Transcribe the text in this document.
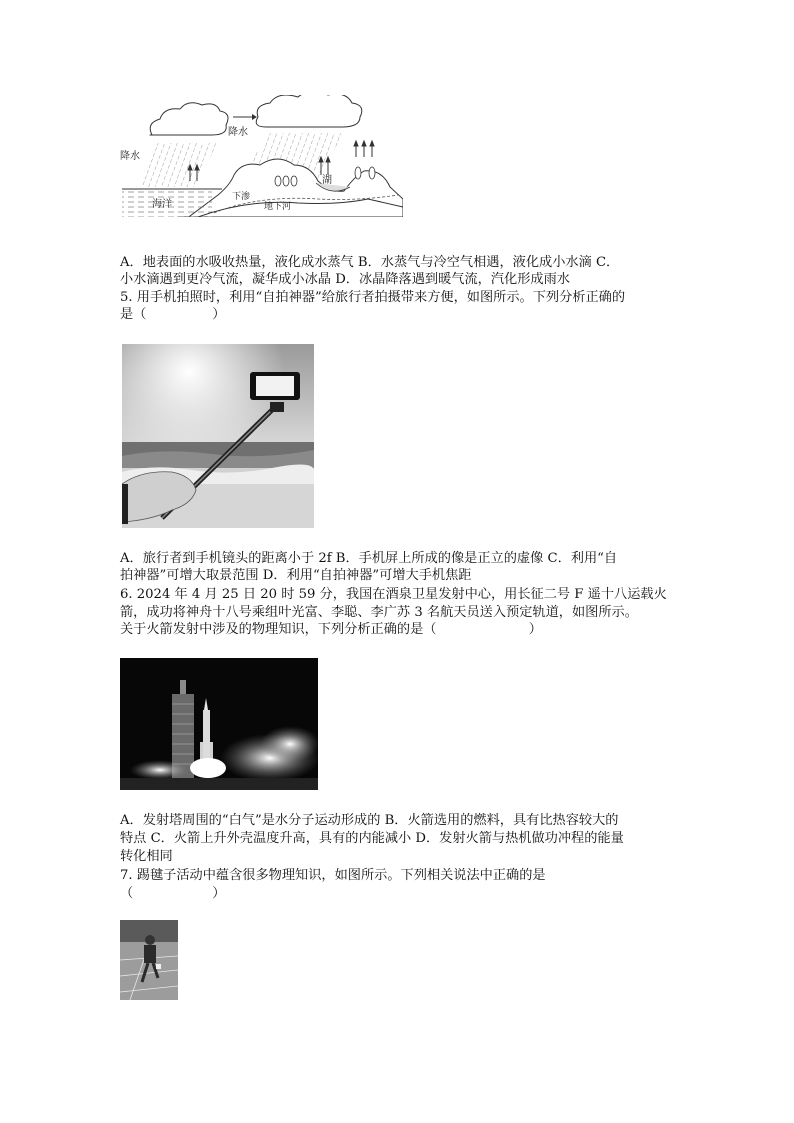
降水
降水
海洋
下渗
地下河
湖
A．地表面的水吸收热量，液化成水蒸气 B．水蒸气与冷空气相遇，液化成小水滴 C．
小水滴遇到更冷气流，凝华成小冰晶 D．冰晶降落遇到暖气流，汽化形成雨水
5. 用手机拍照时，利用“自拍神器”给旅行者拍摄带来方便，如图所示。下列分析正确的
是（　　　　　）
A．旅行者到手机镜头的距离小于 2f B．手机屏上所成的像是正立的虚像 C．利用“自
拍神器”可增大取景范围 D．利用“自拍神器”可增大手机焦距
6. 2024 年 4 月 25 日 20 时 59 分，我国在酒泉卫星发射中心，用长征二号 F 遥十八运载火
箭，成功将神舟十八号乘组叶光富、李聪、李广苏 3 名航天员送入预定轨道，如图所示。
关于火箭发射中涉及的物理知识，下列分析正确的是（　　　　　　　）
A．发射塔周围的“白气”是水分子运动形成的 B．火箭选用的燃料，具有比热容较大的
特点 C．火箭上升外壳温度升高，具有的内能减小 D．发射火箭与热机做功冲程的能量
转化相同
7. 踢毽子活动中蕴含很多物理知识，如图所示。下列相关说法中正确的是
（　　　　　　）
